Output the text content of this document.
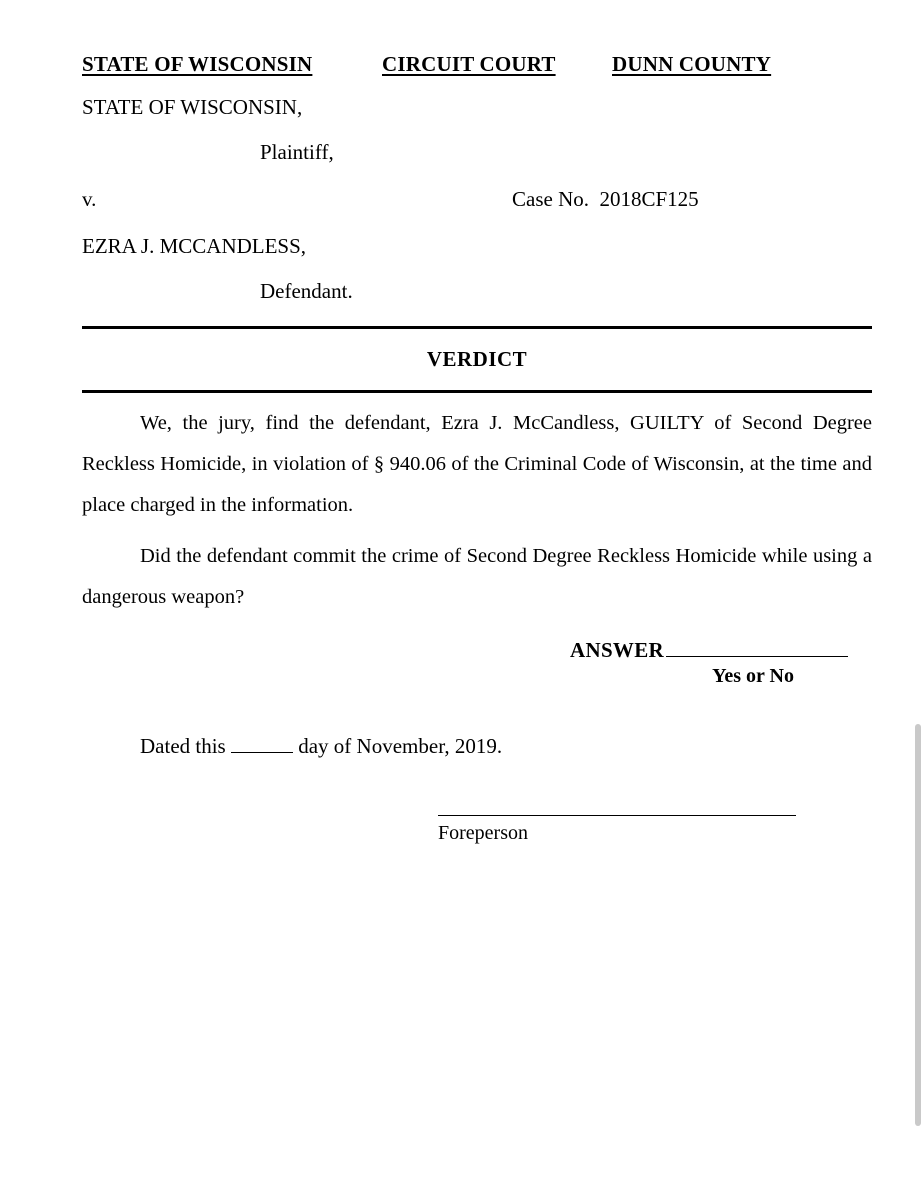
STATE OF WISCONSIN	CIRCUIT COURT	DUNN COUNTY

STATE OF WISCONSIN,

Plaintiff,

v.	Case No.  2018CF125

EZRA J. MCCANDLESS,

Defendant.

VERDICT

We, the jury, find the defendant, Ezra J. McCandless, GUILTY of Second Degree Reckless Homicide, in violation of § 940.06 of the Criminal Code of Wisconsin, at the time and place charged in the information.

Did the defendant commit the crime of Second Degree Reckless Homicide while using a dangerous weapon?

ANSWER
Yes or No
Dated this	day of November, 2019.
Foreperson
